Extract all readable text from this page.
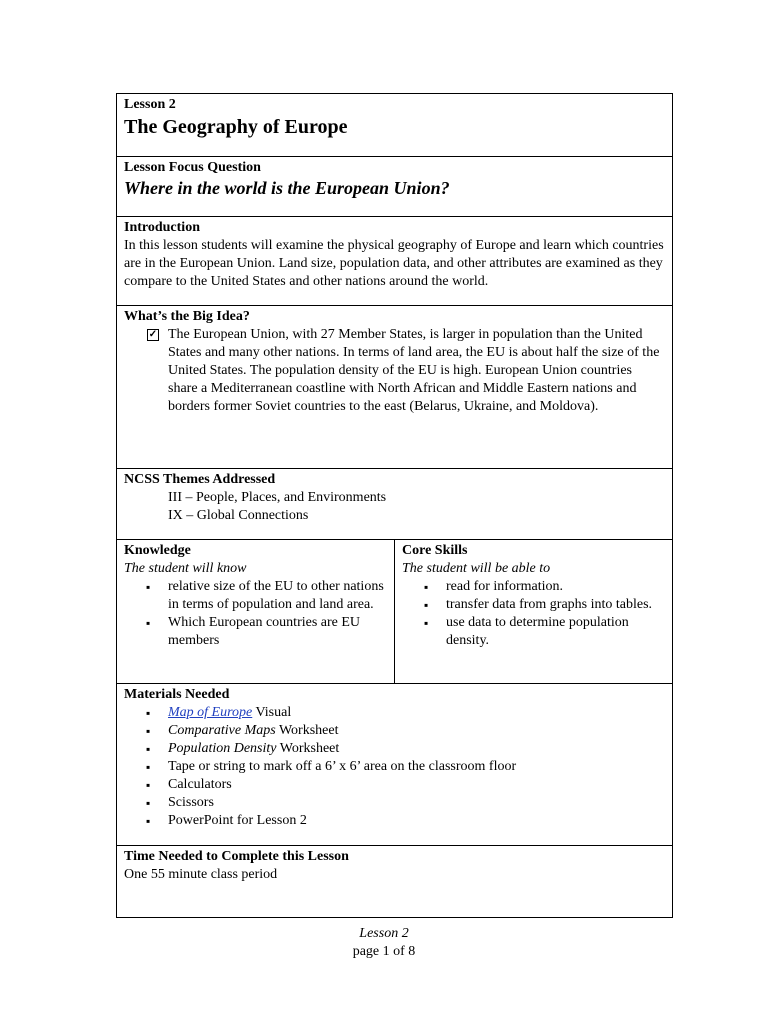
Lesson 2
The Geography of Europe

Lesson Focus Question
Where in the world is the European Union?

Introduction
In this lesson students will examine the physical geography of Europe and learn which countries are in the European Union. Land size, population data, and other attributes are examined as they compare to the United States and other nations around the world.

What’s the Big Idea?
✓ The European Union, with 27 Member States, is larger in population than the United States and many other nations. In terms of land area, the EU is about half the size of the United States. The population density of the EU is high. European Union countries share a Mediterranean coastline with North African and Middle Eastern nations and borders former Soviet countries to the east (Belarus, Ukraine, and Moldova).

NCSS Themes Addressed
III – People, Places, and Environments
IX – Global Connections

Knowledge
The student will know
▪ relative size of the EU to other nations in terms of population and land area.
▪ Which European countries are EU members

Core Skills
The student will be able to
▪ read for information.
▪ transfer data from graphs into tables.
▪ use data to determine population density.

Materials Needed
▪ Map of Europe Visual
▪ Comparative Maps Worksheet
▪ Population Density Worksheet
▪ Tape or string to mark off a 6’ x 6’ area on the classroom floor
▪ Calculators
▪ Scissors
▪ PowerPoint for Lesson 2

Time Needed to Complete this Lesson
One 55 minute class period
Lesson 2
page 1 of 8
